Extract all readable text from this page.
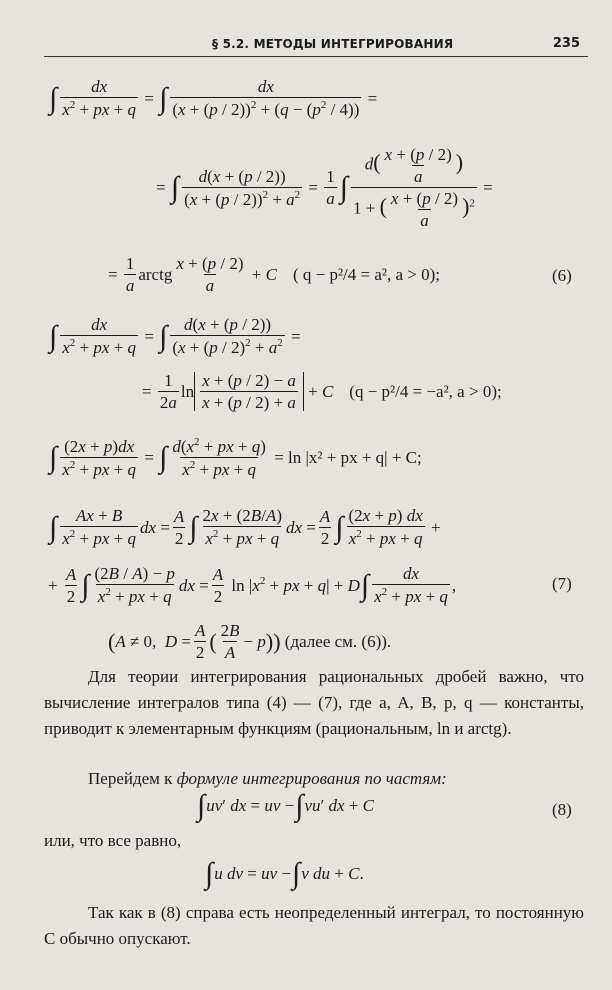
§ 5.2. МЕТОДЫ ИНТЕГРИРОВАНИЯ	235
∫ $\frac{dx}{x^2 + px + q}$ = ∫ $\frac{dx}{(x + (p / 2))^2 + (q - (p^2 / 4))}$ =
= ∫ $\frac{d(x + (p / 2))}{(x + (p / 2))^2 + a^2} = \frac{1}{a}$ ∫ $\frac{d( \frac{x + (p / 2)}{a} )}{1 + ( \frac{x + (p / 2)}{a} )^2}$ =
= $\frac{1}{a}$ arctg $\frac{x + (p / 2)}{a} + C$ ( q − p²/4 = a², a > 0);	(6)
∫ $\frac{dx}{x^2 + px + q}$ = ∫ $\frac{d(x + (p / 2))}{(x + (p / 2)^2 + a^2}$ =
= $\frac{1}{2a}$ $\ln \frac{x + (p / 2) - a}{x + (p / 2) + a} + C$ (q − p²/4 = −a², a > 0);
∫ $\frac{(2x + p)dx}{x^2 + px + q}$ = ∫ $\frac{d(x^2 + px + q)}{x^2 + px + q}$
= ln |x² + px + q| + C;
∫ $\frac{Ax + B}{x^2 + px + q}$ dx = $\frac{A}{2}$ ∫ $\frac{2x + (2B/A)}{x^2 + px + q}$ dx = $\frac{A}{2}$ ∫ $\frac{(2x + p) dx}{x^2 + px + q}$ +
+ $\frac{A}{2}$ ∫ $\frac{(2B / A) - p}{x^2 + px + q}$ dx = $\frac{A}{2}$ $\ln |x^2$ + px + q| + D ∫ $\frac{dx}{x^2 + px + q}$ ,	(7)
( A ≠ 0,  $D = \frac{A}{2}$ ( $\frac{2B}{A} - p$ ))
(далее см. (6)).

Для теории интегрирования рациональных дробей важно, что вычисление интегралов типа (4) — (7), где a, A, B, p, q — константы, приводит к элементарным функциям (рациональным, ln и arctg).

Перейдем к формуле интегрирования по частям:

∫ uv′ dx = uv − ∫ vu′ dx + C	(8)

или, что все равно,

∫ u dv = uv − ∫ v du + C.

Так как в (8) справа есть неопределенный интеграл, то постоянную C обычно опускают.
